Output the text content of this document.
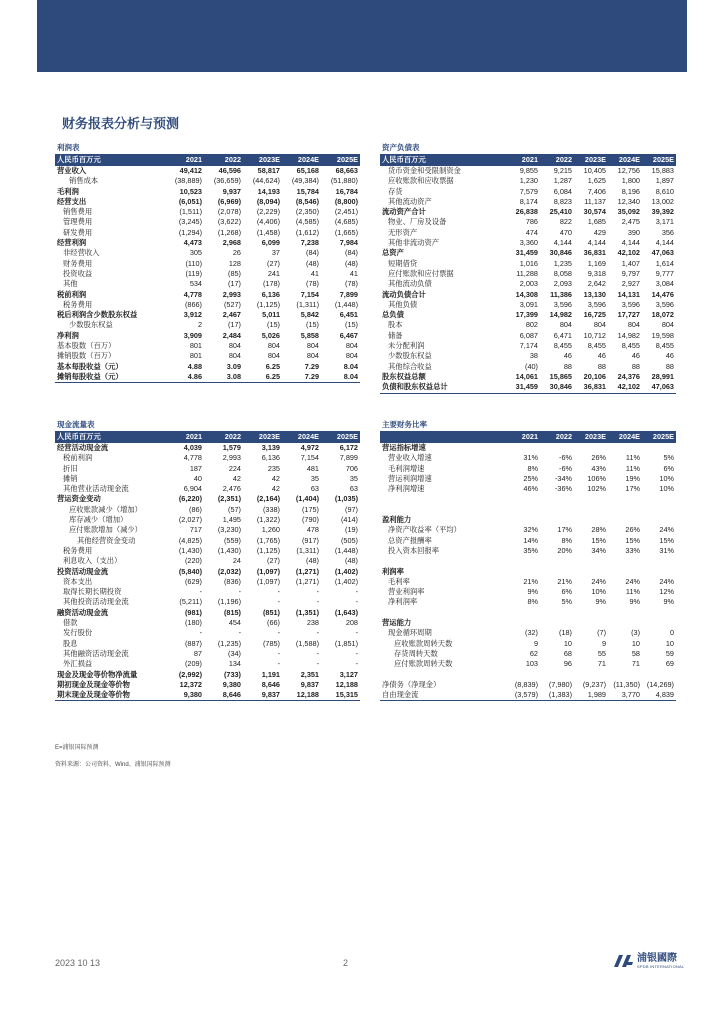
财务报表分析与预测
利润表					
人民币百万元	2021	2022	2023E	2024E	2025E
营业收入	49,412	46,596	58,817	65,168	68,663
销售成本	(38,889)	(36,659)	(44,624)	(49,384)	(51,880)
毛利润	10,523	9,937	14,193	15,784	16,784
经营支出	(6,051)	(6,969)	(8,094)	(8,546)	(8,800)
销售费用	(1,511)	(2,078)	(2,229)	(2,350)	(2,451)
管理费用	(3,245)	(3,622)	(4,406)	(4,585)	(4,685)
研发费用	(1,294)	(1,268)	(1,458)	(1,612)	(1,665)
经营利润	4,473	2,968	6,099	7,238	7,984
非经营收入	305	26	37	(84)	(84)
财务费用	(110)	128	(27)	(48)	(48)
投资收益	(119)	(85)	241	41	41
其他	534	(17)	(178)	(78)	(78)
税前利润	4,778	2,993	6,136	7,154	7,899
税务费用	(866)	(527)	(1,125)	(1,311)	(1,448)
税后利润含少数股东权益	3,912	2,467	5,011	5,842	6,451
少数股东权益	2	(17)	(15)	(15)	(15)
净利润	3,909	2,484	5,026	5,858	6,467
基本股数（百万）	801	804	804	804	804
摊销股数（百万）	801	804	804	804	804
基本每股收益（元）	4.88	3.09	6.25	7.29	8.04
摊销每股收益（元）	4.86	3.08	6.25	7.29	8.04
资产负债表					
人民币百万元	2021	2022	2023E	2024E	2025E
货币资金和受限制资金	9,855	9,215	10,405	12,756	15,883
应收账款和应收票据	1,230	1,287	1,625	1,800	1,897
存货	7,579	6,084	7,406	8,196	8,610
其他流动资产	8,174	8,823	11,137	12,340	13,002
流动资产合计	26,838	25,410	30,574	35,092	39,392
物业、厂房及设备	786	822	1,685	2,475	3,171
无形资产	474	470	429	390	356
其他非流动资产	3,360	4,144	4,144	4,144	4,144
总资产	31,459	30,846	36,831	42,102	47,063
短期借贷	1,016	1,235	1,169	1,407	1,614
应付账款和应付票据	11,288	8,058	9,318	9,797	9,777
其他流动负债	2,003	2,093	2,642	2,927	3,084
流动负债合计	14,308	11,386	13,130	14,131	14,476
其他负债	3,091	3,596	3,596	3,596	3,596
总负债	17,399	14,982	16,725	17,727	18,072
股本	802	804	804	804	804
储备	6,087	6,471	10,712	14,982	19,598
未分配利润	7,174	8,455	8,455	8,455	8,455
少数股东权益	38	46	46	46	46
其他综合收益	(40)	88	88	88	88
股东权益总额	14,061	15,865	20,106	24,376	28,991
负债和股东权益总计	31,459	30,846	36,831	42,102	47,063
现金流量表					
人民币百万元	2021	2022	2023E	2024E	2025E
经营活动现金流	4,039	1,579	3,139	4,972	6,172
税前利润	4,778	2,993	6,136	7,154	7,899
折旧	187	224	235	481	706
摊销	40	42	42	35	35
其他营业活动现金流	6,904	2,476	42	63	63
营运资金变动	(6,220)	(2,351)	(2,164)	(1,404)	(1,035)
应收账款减少（增加）	(86)	(57)	(338)	(175)	(97)
库存减少（增加）	(2,027)	1,495	(1,322)	(790)	(414)
应付账款增加（减少）	717	(3,230)	1,260	478	(19)
其他经营资金变动	(4,825)	(559)	(1,765)	(917)	(505)
税务费用	(1,430)	(1,430)	(1,125)	(1,311)	(1,448)
利息收入（支出）	(220)	24	(27)	(48)	(48)
投资活动现金流	(5,840)	(2,032)	(1,097)	(1,271)	(1,402)
资本支出	(629)	(836)	(1,097)	(1,271)	(1,402)
取得长期长期投资	-	-	-	-	-
其他投资活动现金流	(5,211)	(1,196)	-	-	-
融资活动现金流	(981)	(815)	(851)	(1,351)	(1,643)
借款	(180)	454	(66)	238	208
发行股份	-	-	-	-	-
股息	(887)	(1,235)	(785)	(1,588)	(1,851)
其他融资活动现金流	87	(34)	-	-	-
外汇损益	(209)	134	-	-	-
现金及现金等价物净流量	(2,992)	(733)	1,191	2,351	3,127
期初现金及现金等价物	12,372	9,380	8,646	9,837	12,188
期末现金及现金等价物	9,380	8,646	9,837	12,188	15,315
主要财务比率					
	2021	2022	2023E	2024E	2025E
营运指标增速					
营业收入增速	31%	-6%	26%	11%	5%
毛利润增速	8%	-6%	43%	11%	6%
营运利润增速	25%	-34%	106%	19%	10%
净利润增速	46%	-36%	102%	17%	10%

盈利能力					
净资产收益率（平均）	32%	17%	28%	26%	24%
总资产报酬率	14%	8%	15%	15%	15%
投入资本回报率	35%	20%	34%	33%	31%

利润率					
毛利率	21%	21%	24%	24%	24%
营业利润率	9%	6%	10%	11%	12%
净利润率	8%	5%	9%	9%	9%

营运能力					
现金循环周期	(32)	(18)	(7)	(3)	0
应收账款周转天数	9	10	9	10	10
存货周转天数	62	68	55	58	59
应付账款周转天数	103	96	71	71	69

净债务（净现金）	(8,839)	(7,980)	(9,237)	(11,350)	(14,269)
自由现金流	(3,579)	(1,383)	1,989	3,770	4,839
E=浦银国际预测
资料来源：公司资料、Wind、浦银国际预测
2023 10 13	2	浦银國際
SPDB INTERNATIONAL
